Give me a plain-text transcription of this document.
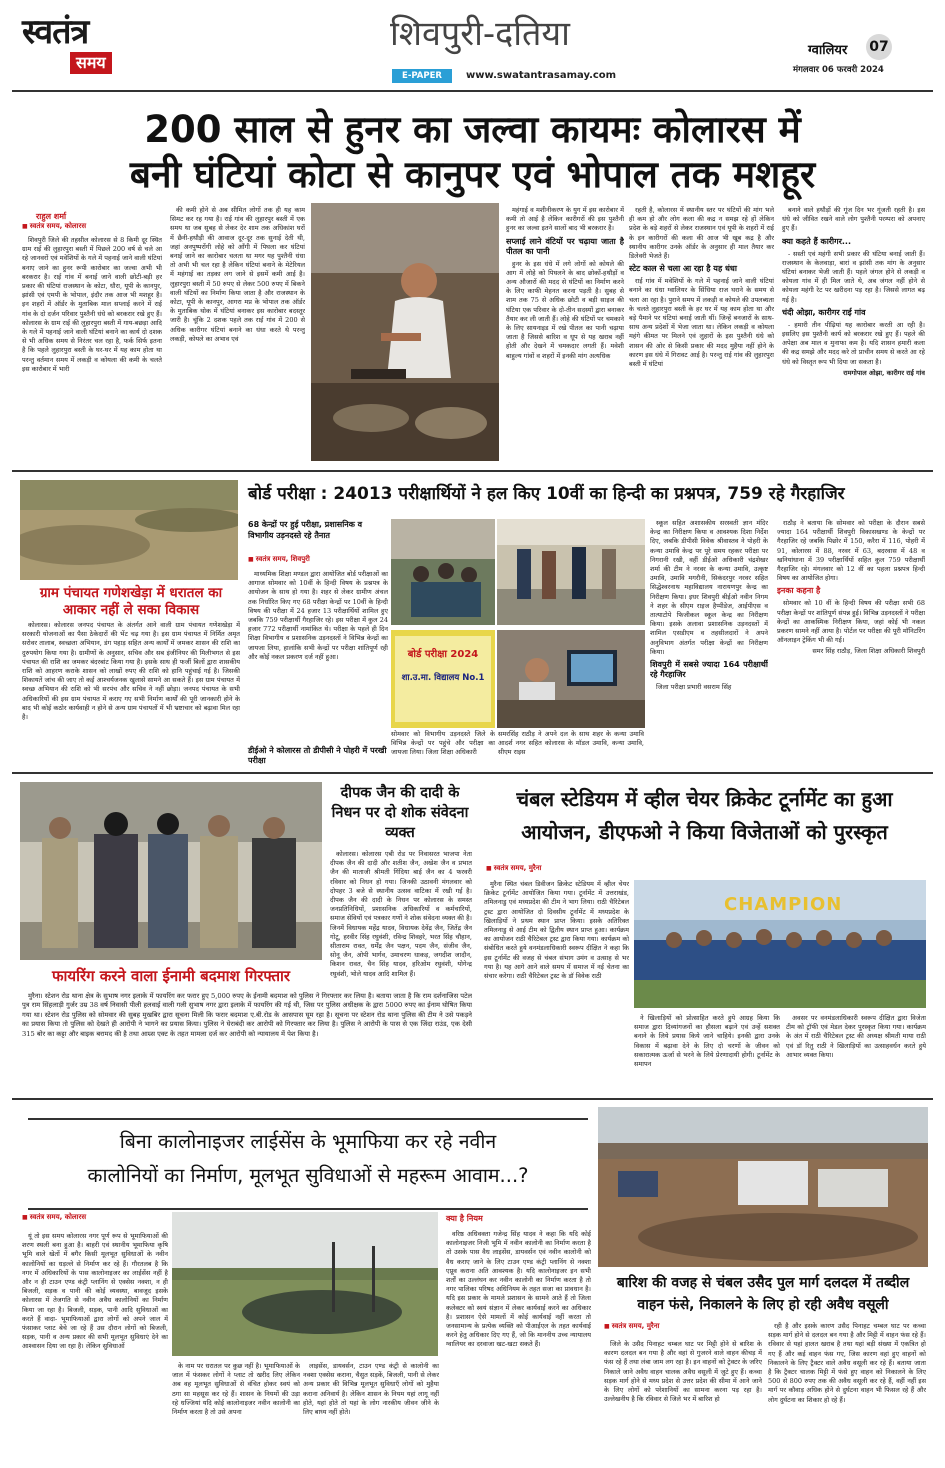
स्वतंत्र
समय
शिवपुरी-दतिया
E-PAPER	www.swatantrasamay.com
ग्वालियर 07
मंगलवार 06 फरवरी 2024
200 साल से हुनर का जल्वा कायमः कोलारस में
बनी घंटियां कोटा से कानुपर एवं भोपाल तक मशहूर
राहुल शर्मा
■ स्वतंत्र समय, कोलारस

शिवपुरी जिले की तहसील कोलारस से 8 किमी दूर स्थित ग्राम राई की लुहारपुरा बस्ती में पिछले 200 वर्ष से चले आ रहे जानवरों एवं मवेशियों के गले में पहनाई जाने वाली घंटियां बनाए जाने का हुनर रूपी कारोबार का जल्वा अभी भी बरकरार है। राई गांव में बनाई जाने वाली छोटी-बड़ी हर प्रकार की घंटियां राजस्थान के कोटा, धौरा, यूपी के कानपुर, झांसी एवं एमपी के भोपाल, इंदौर तक आज भी मशहूर है। इन शहरों में ऑर्डर के मुताबिक माल सप्लाई करने में राई गांव के दो दर्जन परिवार पुश्तैनी धंधे को बरकरार रखे हुए हैं। कोलारस के ग्राम राई की लुहारपुरा बस्ती में गाय-बछड़ा आदि के गले में पहनाई जाने वाली घंटियां बनाने का कार्य दो दशक से भी अधिक समय से निरंतर चल रहा है, फर्क सिर्फ इतना है कि पहले लुहारपुरा बस्ती के घर-घर में यह काम होता था परन्तु वर्तमान समय में लकड़ी व कोयला की कमी के चलते इस कारोबार में भारी

की कमी होने से अब सीमित लोगों तक ही यह काम सिमट कर रह गया है। राई गांव की लुहारपुर बस्ती में एक समय था जब सुबह से लेकर देर शाम तक अधिकांश घरों में छैनी-हथौड़ी की आवाज दूर-दूर तक सुनाई देती थी, जहां अनपुष्परोंगी लोहे को आँगी में पिघला कर घंटियां बनाई जाने का कारोबार चलता था मगर यह पुश्तैनी धंधा तो अभी भी चल रहा है लेकिन घंटियां बनाने के मेटेरियल में महंगाई का तड़का लग जाने से इसमें कमी आई है। लुहारपुरा बस्ती में 50 रुपए से लेकर 500 रुपए में बिकने वाली घंटियों का निर्माण किया जाता है और राजस्थान के कोटा, यूपी के कानपुर, आगरा मप्र के भोपाल तक ऑर्डर के मुताबिक थोक में घंटियां बनाकर इस कारोबार बदस्तूर जारी है। चूंकि 2 दशक पहले तक राई गांव में 200 से अधिक कारीगर घंटियां बनाने का धंधा करते थे परन्तु लकड़ी, कोयले का अभाव एवं

महंगाई व मशीनीकरण के युग में इस कारोबार में कमी तो आई है लेकिन कारीगरों की इस पुश्तैनी हुनर का जल्वा इतने सालों बाद भी बरकरार है।

सप्लाई लाने वंटियों पर चढ़ाया जाता है पीतल का पानी

हुनर के इस धंधे में लगे लोगों को कोयले की आग में लोहे को पिघलने के बाद छोकों-हथौड़ों व अन्य औजारों की मदद से घंटियों का निर्माण करने के लिए काफी मेहनत करना पड़ती है। सुबह से शाम तक 75 से अधिक छोटी व बड़ी साइज की घंटिया एक परिवार के दो-तीन सदस्यों द्वारा बनाकर तैयार कर ली जाती हैं। लोहे की घंटियों पर चमकाने के लिए सायनाइड में रखे पीतल का पानी चढ़ाया जाता है जिससे बारिश व धूप से यह खराब नहीं होती और देखने में चमकदार लगती हैं। मवेशी बाहुल्य गांवों व शहरों में इनकी मांग अत्यधिक

रहती है, कोलारस में स्थानीय स्तर पर घंटियों की मांग भले ही कम हो और लोग कला की कद्र न समझ रहे हों लेकिन प्रदेश के बड़े शहरों से लेकर राजस्थान एवं यूपी के शहरों में राई के इन कारीगरों की कला की आज भी खूब कद्र है और स्थानीय कारीगर उनके ऑर्डर के अनुसार ही माल तैयार कर डिलेवरी भेजते हैं।

स्टेट काल से चला आ रहा है यह धंधा

राई गांव में मवेशियों के गले में पहनाई जाने वाली घंटियां बनाने का धंधा ग्वालियर के सिंधिया राज घराने के समय से चला आ रहा है। पुराने समय में लकड़ी व कोयले की उपलब्धता के चलते लुहारपुरा बस्ती के हर घर में यह काम होता था और बड़े पैमाने पर घंटियां बनाई जाती थीं। जिन्हें बनजारों के साथ-साथ अन्य प्रदेशों में भेजा जाता था। लेकिन लकड़ी व कोयला महंगे कीमत पर मिलने एवं लुहारों के इस पुश्तैनी धंधे को शासन की ओर से किसी प्रकार की मदद मुहैया नहीं होने के कारण इस धंधे में गिरावट आई है। परन्तु राई गांव की लुहारपुरा बस्ती में घंटियां

बनाने वाले हथौड़ों की गूंज दिन भर गूंजती रहती है। इस धंधे को जीवित रखने वाले लोग पुश्तैनी परम्परा को अपनाए हुए हैं।

क्या कहते हैं कारीगर...

- सस्ती एवं महंगी सभी प्रकार की घंटिया बनाई जाती हैं। राजस्थान के केलवाड़ा, बारां व झांसी तक मांग के अनुसार घंटियां बनाकर भेजी जाती हैं। पहले जंगल होने से लकड़ी व कोयला गांव में ही मिल जाते थे, अब जंगल नहीं होने से कोयला महंगी रेट पर खरीदना पड़ रहा है। जिससे लागत बढ़ गई है।

चंदी ओझा, कारीगर राई गांव

- हमारी तीन पीढ़ियां यह कारोबार करती आ रही है। इसलिए इस पुश्तैनी कार्य को बरकरार रखे हुए हैं। पहले की अपेक्षा अब माल व मुनाफा कम है। यदि शासन हमारी कला की कद्र समझे और मदद करे तो प्राचीन समय से करते आ रहे धंधे को विस्तृत रूप भी दिया जा सकता है।

रामगोपाल ओझा, कारीगर राई गांव
ग्राम पंचायत गणेशखेड़ा में धरातल का आकार नहीं ले सका विकास

कोलारस। कोलारस जनपद पंचायत के अंतर्गत आने वाली ग्राम पंचायत गणेशखेड़ा में सरकारी योजनाओं का पैसा ठेकेदारों की भेंट चढ़ गया है। इस ग्राम पंचायत में निर्मित अमृत सरोवर तालाब, स्वच्छता अभियान, डंग पहाड़ सहित अन्य कार्यों में जमकर शासन की राशि का दुरुपयोग किया गया है। ग्रामीणों के अनुसार, सचिव और सब इंजीनियर की मिलीभगत से इस पंचायत की राशि का जमकर बंदरबांट किया गया है। इसके साथ ही फर्जी बिलों द्वारा शासकीय राशि को आहरण कराके शासन को लाखों रुपए की राशि को हानि पहुंचाई गई है। जिसकी शिकायतें जांच की जाए तो कई आश्चर्यजनक खुलासे सामने आ सकते हैं। इस ग्राम पंचायत में स्वच्छ अभियान की राशि को भी सरपंच और सचिव ने नहीं छोड़ा। जनपद पंचायत के सभी अधिकारियों की इस ग्राम पंचायत में कराए गए सभी निर्माण कार्यों की पूरी जानकारी होने के बाद भी कोई कठोर कार्यवाही न होने से अन्य ग्राम पंचायतों में भी भ्रष्टाचार को बढ़ावा मिल रहा है।

बोर्ड परीक्षा : 24013 परीक्षार्थियों ने हल किए 10वीं का हिन्दी का प्रश्नपत्र, 759 रहे गैरहाजिर
68 केन्द्रों पर हुई परीक्षा, प्रशासनिक व विभागीय उड़नदस्ते रहे तैनात
■ स्वतंत्र समय, शिवपुरी

माध्यमिक शिक्षा मण्डल द्वारा आयोजित बोर्ड परीक्षाओं का आगाज सोमवार को 10वीं के हिन्दी विषय के प्रश्नपत्र के आयोजन के साथ हो गया है। शहर से लेकर ग्रामीण अंचल तक निर्धारित किए गए 68 परीक्षा केन्द्रों पर 10वीं के हिन्दी विषय की परीक्षा में 24 हजार 13 परीक्षार्थियों शामिल हुए जबकि 759 परीक्षार्थी गैरहाजिर रहे। इस परीक्षा में कुल 24 हजार 772 परीक्षार्थी नामांकित थे। परीक्षा के पहले ही दिन शिक्षा विभागीय व प्रशासनिक उड़नदस्तों ने विभिन्न केन्द्रों का जायजा लिया, हालांकि सभी केन्द्रों पर परीक्षा शांतिपूर्ण रही और कोई नकल प्रकरण दर्ज नहीं हुआ।

डीईओ ने कोलारस तो डीपीसी ने पोहरी में परखी परीक्षा
बोर्ड परीक्षा 2024
शा.उ.मा. विद्यालय No.1

सोमवार को विभागीय उड़नदस्ते जिले के विभिन्न केन्द्रों पर पहुंचे और परीक्षा का जायजा लिया। जिला शिक्षा अधिकारी

समरसिंह राठौड़ ने अपने दल के साथ शहर के कन्या उमावि आदर्श नगर सहित कोलारस के मॉडल उमावि, कन्या उमावि, सीएम राइस

स्कूल सहित अशासकीय सरस्वती ज्ञान मंदिर केन्द्र का निरीक्षण किया व आवश्यक दिशा निर्देश दिए, जबकि डीपीसी विवेक श्रीवास्तव ने पोहरी के कन्या उमावि केन्द्र पर पूरे समय रहकर परीक्षा पर निगरानी रखी, वहीं डीईओ अधिकारी चंद्रशेखर शर्मा की टीम ने नरवर के कन्या उमावि, उत्कृष्ट उमावि, उमावि मगरौनी, सिकंदरपुर नरवर सहित सिद्धेश्वरनाथ महाविद्यालय नारायणपुर केन्द्र का निरीक्षण किया। इधर शिवपुरी बीईओ नवीन निगम ने शहर के सीएम राइज हैप्पीडेज, आईपीएस व तात्याटोपे फिजीकल स्कूल केन्द्र का निरीक्षण किया। इसके अलावा प्रशासनिक उड़नदस्तों में शामिल एसडीएम व तहसीलदारों ने अपने अनुविभाग अंतर्गत परीक्षा केन्द्रों का निरीक्षण किया।

शिवपुरी में सबसे ज्यादा 164 परीक्षार्थी रहे गैरहाजिर

जिला परीक्षा प्रभारी वसराम सिंह

राठौड़ ने बताया कि सोमवार को परीक्षा के दौरान सबसे ज्यादा 164 परीक्षार्थी शिवपुरी विकासखण्ड के केन्द्रों पर गैरहाजिर रहे जबकि पिछोर में 150, करैरा में 116, पोहरी में 91, कोलारस में 88, नरवर में 63, बदरवास में 48 व खनियांधाना में 39 परीक्षार्थियों सहित कुल 759 परीक्षार्थी गैरहाजिर रहे। मंगलवार को 12 वीं का पहला प्रश्नपत्र हिन्दी विषय का आयोजित होगा।

इनका कहना है

सोमवार को 10 वीं के हिन्दी विषय की परीक्षा सभी 68 परीक्षा केन्द्रों पर शांतिपूर्ण संपन्न हुई। विभिन्न उड़नदस्तों ने परीक्षा केन्द्रों का आकस्मिक निरीक्षण किया, जहां कोई भी नकल प्रकरण सामने नहीं आया है। पोर्टल पर परीक्षा की पूरी मॉनिटरिंग ऑनलाइन ट्रेकिंग भी की गई।

समर सिंह राठौड़, जिला शिक्षा अधिकारी शिवपुरी
फायरिंग करने वाला ईनामी बदमाश गिरफ्तार

मुरैना। स्टेशन रोड थाना क्षेत्र के सुभाष नगर इलाके में फायरिंग कर फरार हुए 5,000 रुपए के ईनामी बदमाश को पुलिस ने गिरफ्तार कर लिया है। बताया जाता है कि राम दर्शनाजिस पटेल पुत्र राम सिंहलाड़ी गुर्जर उम्र 38 वर्ष निवासी पीली हलवाई वाली गली सुभाष नगर द्वारा इलाके में फायरिंग की गई थी, जिस पर पुलिस अधीक्षक के द्वारा 5000 रुपए का ईनाम घोषित किया गया था। स्टेशन रोड पुलिस को सोमवार की सुबह मुखबिर द्वारा सूचना मिली कि फरार बदमाश ए.बी.रोड के आसपास घूम रहा है। सूचना पर स्टेशन रोड थाना पुलिस की टीम ने उसे पकड़ने का प्रयास किया तो पुलिस को देखते ही आरोपी ने भागने का प्रयास किया। पुलिस ने घेराबंदी कर आरोपी को गिरफ्तार कर लिया है। पुलिस ने आरोपी के पास से एक जिंदा राउंड, एक देसी 315 बोर का कट्टा और बाइक बरामद की है तथा आम्र्स एक्ट के तहत मामला दर्ज कर आरोपी को न्यायालय में पेश किया है।

दीपक जैन की दादी के निधन पर दो शोक संवेदना व्यक्त

कोलारस। कोलारस एबी रोड पर निवासरत भाजपा नेता दीपक जैन की दादी और शतीश जैन, अखेश जैन व प्रभात जैन की माताजी श्रीमती गिंदिया बाई जैन का 4 फरवरी रविवार को निधन हो गया। जिनकी उठावनी मंगलवार को दोपहर 3 बजे से स्थानीय उत्सव वाटिका में रखी गई है। दीपक जैन की दादी के निधन पर कोलारस के समस्त जनप्रतिनिधियों, प्रशासनिक अधिकारियों व कर्मचारियों, समाज सेवियों एवं पत्रकार गणों ने शोक संवेदना व्यक्त की है। जिनमें विधायक महेंद्र यादव, विधायक देवेंद्र जैन, जितेंद्र जैन गोटू, हरवीर सिंह रघुवंशी, रविन्द्र शिवहरे, भरत सिंह चौहान, सीताराम रावत, धर्मेंद्र जैन पक्षन, पदम जैन, संजीव जैन, सोनू जैन, ओपी भार्गव, उमाचरण धाकड़, जगदीश जादौन, किशन रावत, चैन सिंह यादव, हरिओम रघुवंशी, योगेन्द्र रघुवंशी, भोले यादव आदि शामिल हैं।

चंबल स्टेडियम में व्हील चेयर क्रिकेट टूर्नामेंट का हुआ
आयोजन, डीएफओ ने किया विजेताओं को पुरस्कृत
■ स्वतंत्र समय, मुरैना

मुरैना स्थित चंबल डिवीजन क्रिकेट स्टेडियम में व्हील चेयर क्रिकेट टूर्नामेंट आयोजित किया गया। टूर्नामेंट में उत्तराखंड, तमिलनाडु एवं मध्यप्रदेश की टीम ने भाग लिया। राठी चैरिटेबल ट्रस्ट द्वारा आयोजित दो दिवसीय टूर्नामेंट में मध्यप्रदेश के खिलाड़ियों ने प्रथम स्थान प्राप्त किया। इसके अतिरिक्त तमिलनाडु से आई टीम को द्वितीय स्थान प्राप्त हुआ। कार्यक्रम का आयोजन राठी चैरिटेबल ट्रस्ट द्वारा किया गया। कार्यक्रम को संबोधित करते हुये वनमंडलाधिकारी स्वरूप दीक्षित ने कहा कि इस टूर्नामेंट की वजह से चंबल संभाग उमंग व उत्साह से भर गया है। यह आगे आने वाले समय में समाज में नई चेतना का संचार करेगा। राठी चैरिटेबल ट्रस्ट के डॉ विवेक राठी

CHAMPION

ने खिलाड़ियों को प्रोत्साहित करते हुये आग्रह किया कि समाज द्वारा दिव्यांगजनों का हौसला बढ़ाने एवं उन्हें सशक्त बनाने के लिये प्रयास किये जाने चाहिये। इनकी द्वारा उनके विकास में बढ़ावा देने के लिए दो चरणों के जीवन को सकारात्मक ऊर्जा से भरने के लिये प्रेरणादायी होगी। टूर्नामेंट के समापन

अवसर पर वनमंडलाधिकारी स्वरूप दीक्षित द्वारा विजेता टीम को ट्रॉफी एवं मेडल देकर पुरस्कृत किया गया। कार्यक्रम के अंत में राठी चैरिटेबल ट्रस्ट की अध्यक्ष श्रीमती माया राठी एवं डॉ रितु राठी ने खिलाड़ियों का उत्साहवर्धन करते हुये आभार व्यक्त किया।

बिना कालोनाइजर लाईसेंस के भूमाफिया कर रहे नवीन
कालोनियों का निर्माण, मूलभूत सुविधाओं से महरूम आवाम...?
■ स्वतंत्र समय, कोलारस

यूं तो इस समय कोलारस नगर पूर्ण रूप से भूमाफियाओं की शरण स्थली बना हुआ है। बाहरी एवं स्थानीय भूमाफिया कृषि भूमि वाले खेतों में बगैर किसी मूलभूत सुविधाओं के नवीन कालोनियों का धड़ल्ले से निर्माण कर रहे हैं। गौरतलब है कि नगर में अधिकारियों के पास कालोनाइजर का लाईसेंस नहीं है और न ही टाउन एण्ड कंट्री प्लानिंग से एक्सेस नक्शा, न ही बिजली, सड़क व पानी की कोई व्यवस्था, बावजूद इसके कोलारस में तेजगति से नवीन अवैध कालोनियों का निर्माण किया जा रहा है। बिजली, सड़क, पानी आदि सुविधाओं का करते हैं वादा- भूमाफियाओं द्वारा लोगों को अपने जाल में फंसाकर प्लाट बेचे जा रहे हैं उस दौरान लोगों को बिजली, सड़क, पानी व अन्य प्रकार की सभी मूलभूत सुविधाएं देने का आश्वासन दिया जा रहा है। लेकिन सुविधाओं

के नाम पर धरातल पर कुछ नहीं है। भूमाफियाओं के जाल में फंसकर लोगों ने प्लाट तो खरीद लिए लेकिन अब वह मूलभूत सुविधाओं से वंचित होकर स्वयं को ठगा सा महसूस कर रहे हैं। शासन के नियमों की उड़ा रहे धज्जियां यदि कोई कालोनाइजर नवीन कालोनी का निर्माण करता है तो उसे अपना

लाइसेंस, डायवर्सन, टाउन एण्ड कंट्री से कालोनी का नक्शा एक्सेस कराना, चैसुत सड़कें, बिजली, पानी से लेकर अन्य प्रकार की विभिन्न मूलभूत सुविधाएँ लोगों को मुहैया कराना अनिवार्य है। लेकिन शासन के नियम यहां लागू नहीं होते, यहां होते तो यहां के लोग नारकीय जीवन जीने के लिए बाध्य नहीं होते।

क्या है नियम

वरिष्ठ अधिवक्ता गजेन्द्र सिंह यादव ने कहा कि यदि कोई कालोनाइजर निजी भूमि में नवीन कालोनी का निर्माण करता है तो उसके पास वैध लाइसेंस, डायवर्सन एवं नवीन कालोनी को वैध कराए जाने के लिए टाउन एण्ड कंट्री प्लानिंग से नक्शा एप्रूव कराना अति आवश्यक है। यदि कालोनाइजर इन सभी शर्तों का उल्लंघन कर नवीन कालोनी का निर्माण करता है तो नगर पालिका परिषद अधिनियम के तहत सजा का प्रावधान है। यदि इस प्रकार के मामले प्रशासन के सामने आते हैं तो जिला कलेक्टर को स्वयं संज्ञान में लेकर कार्यवाई करने का अधिकार है। प्रशासन ऐसे मामलों में कोई कार्यवाई नहीं करता तो जनसामान्य के प्रत्येक व्यक्ति को पीआईएल के तहत कार्यवाई करने हेतु अधिकार दिए गए हैं, जो कि माननीय उच्च न्यायालय ग्वालियर का दरवाजा खट-खटा सकते हैं।

बारिश की वजह से चंबल उसैद पुल मार्ग दलदल में तब्दील
वाहन फंसे, निकालने के लिए हो रही अवैध वसूली
■ स्वतंत्र समय, मुरैना

जिले के उसैद पिनाहट चम्बल घाट पर मिट्टी होने से बारिश के कारण दलदल बन गया है और वहां से गुजरने वाले वाहन कीचड़ में फंस रहे हैं तथा लंबा जाम लग रहा है। इन वाहनों को ट्रेक्टर के जरिए निकाले जाने अवैध वाहन चालक अवैध वसूली में जुटे हुए हैं। कच्चा सड़क मार्ग होने से मध्य प्रदेश से उत्तर प्रदेश की सीमा में आने जाने के लिए लोगों को परेशानियों का सामना करना पड़ रहा है। उल्लेखनीय है कि रविवार से जिले भर में बारिश हो

रही है और इसके कारण उसैद पिनाहट चम्बल घाट पर कच्चा सड़क मार्ग होने से दलदल बन गया है और मिट्टी में वाहन फंस रहे हैं। रविवार से यहां हालत खराब है तथा यहां बड़ी संख्या में एकत्रित हो गए हैं और कई वाहन फंस गए, जिस कारण वहां हुए वाहनों को निकालने के लिए ट्रैक्टर वाले अवैध वसूली कर रहे हैं। बताया जाता है कि ट्रैक्टर चालक मिट्टी में फंसे हुए वाहन को निकालने के लिए 500 से 800 रुपए तक की अवैध वसूली कर रहे हैं, वहीं नहीं इस मार्ग पर कौवाड़ अधिक होने से दुर्घटना वाहन भी फिसल रहे हैं और लोग दुर्घटना का शिकार हो रहे हैं।
